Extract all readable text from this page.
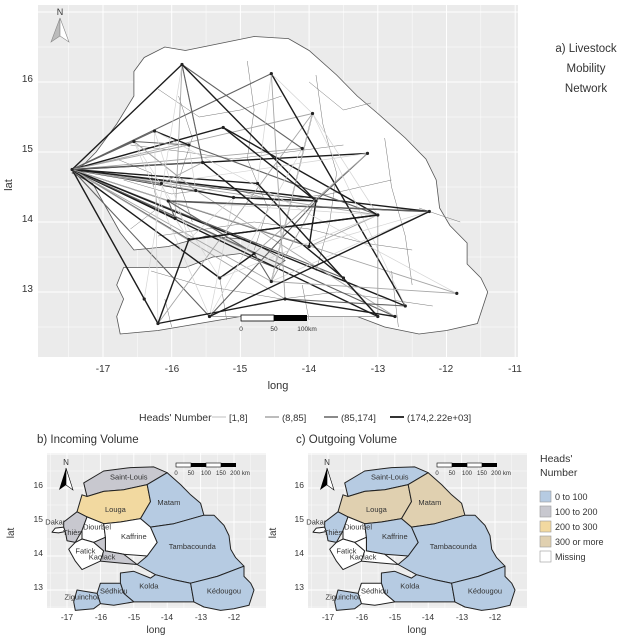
N
0	50	100km
-17	-16	-15	-14	-13	-12	-11
long
16
15
14
13
lat
a) Livestock
Mobility
Network
Heads' Number [1,8]	(8,85]	(85,174]	(174,2.22e+03]
b) Incoming Volume
Saint-Louis
Louga
Matam
Dakar
Thiès
Diourbel
Fatick
Kaffrine
Kaolack
Tambacounda
Kolda
Sédhiou
Ziguinchor
Kédougou
N
0 50 100 150 200 km
-17	-16 -15 -14	-13 -12
long
16
15
14
13
lat
c) Outgoing Volume
Saint-Louis
Louga
Matam
Dakar
Thiès
Diourbel
Fatick
Kaffrine
Kaolack
Tambacounda
Kolda
Sédhiou
Ziguinchor
Kédougou
N
0 50 100 150 200 km
-17	-16 -15 -14	-13 -12
long
16
15
14
13
lat
Heads'
Number
0 to 100
100 to 200
200 to 300
300 or more
Missing
